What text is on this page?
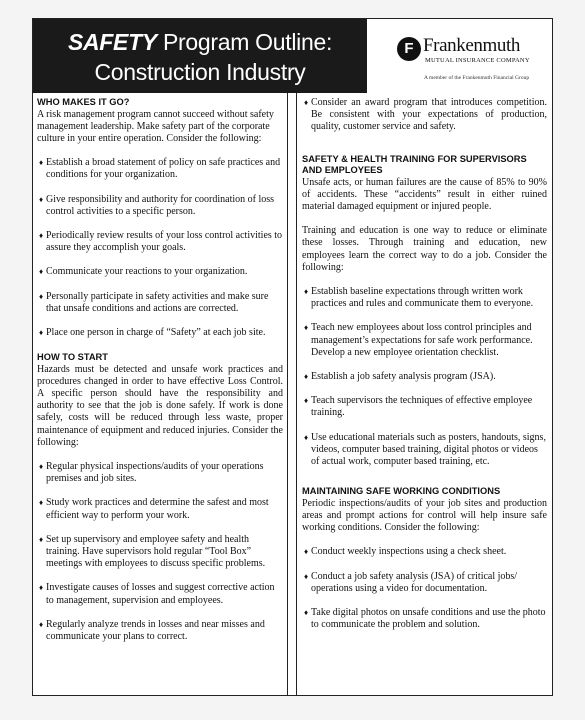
SAFETY Program Outline:
Construction Industry
F Frankenmuth
MUTUAL INSURANCE COMPANY
A member of the Frankenmuth Financial Group

WHO MAKES IT GO?

A risk management program cannot succeed without safety management leadership. Make safety part of the corporate culture in your entire operation. Consider the following:

♦ Establish a broad statement of policy on safe practices and conditions for your organization.
♦ Give responsibility and authority for coordination of loss control activities to a specific person.
♦ Periodically review results of your loss control activities to assure they accomplish your goals.
♦ Communicate your reactions to your organization.
♦ Personally participate in safety activities and make sure that unsafe conditions and actions are corrected.
♦ Place one person in charge of “Safety” at each job site.

HOW TO START

Hazards must be detected and unsafe work practices and procedures changed in order to have effective Loss Control. A specific person should have the responsibility and authority to see that the job is done safely. If work is done safely, costs will be reduced through less waste, proper maintenance of equipment and reduced injuries. Consider the following:

♦ Regular physical inspections/audits of your operations premises and job sites.
♦ Study work practices and determine the safest and most efficient way to perform your work.
♦ Set up supervisory and employee safety and health training. Have supervisors hold regular “Tool Box” meetings with employees to discuss specific problems.
♦ Investigate causes of losses and suggest corrective action to management, supervision and employees.
♦ Regularly analyze trends in losses and near misses and communicate your plans to correct.
♦ Consider an award program that introduces competition. Be consistent with your expectations of production, quality, customer service and safety.

SAFETY & HEALTH TRAINING FOR SUPERVISORS AND EMPLOYEES

Unsafe acts, or human failures are the cause of 85% to 90% of accidents. These “accidents” result in either ruined material damaged equipment or injured people.

Training and education is one way to reduce or eliminate these losses. Through training and education, new employees learn the correct way to do a job. Consider the following:

♦ Establish baseline expectations through written work practices and rules and communicate them to everyone.
♦ Teach new employees about loss control principles and management’s expectations for safe work performance. Develop a new employee orientation checklist.
♦ Establish a job safety analysis program (JSA).
♦ Teach supervisors the techniques of effective employee training.
♦ Use educational materials such as posters, handouts, signs, videos, computer based training, digital photos or videos of actual work, computer based training, etc.

MAINTAINING SAFE WORKING CONDITIONS

Periodic inspections/audits of your job sites and production areas and prompt actions for control will help insure safe working conditions. Consider the following:

♦ Conduct weekly inspections using a check sheet.
♦ Conduct a job safety analysis (JSA) of critical jobs/ operations using a video for documentation.
♦ Take digital photos on unsafe conditions and use the photo to communicate the problem and solution.
